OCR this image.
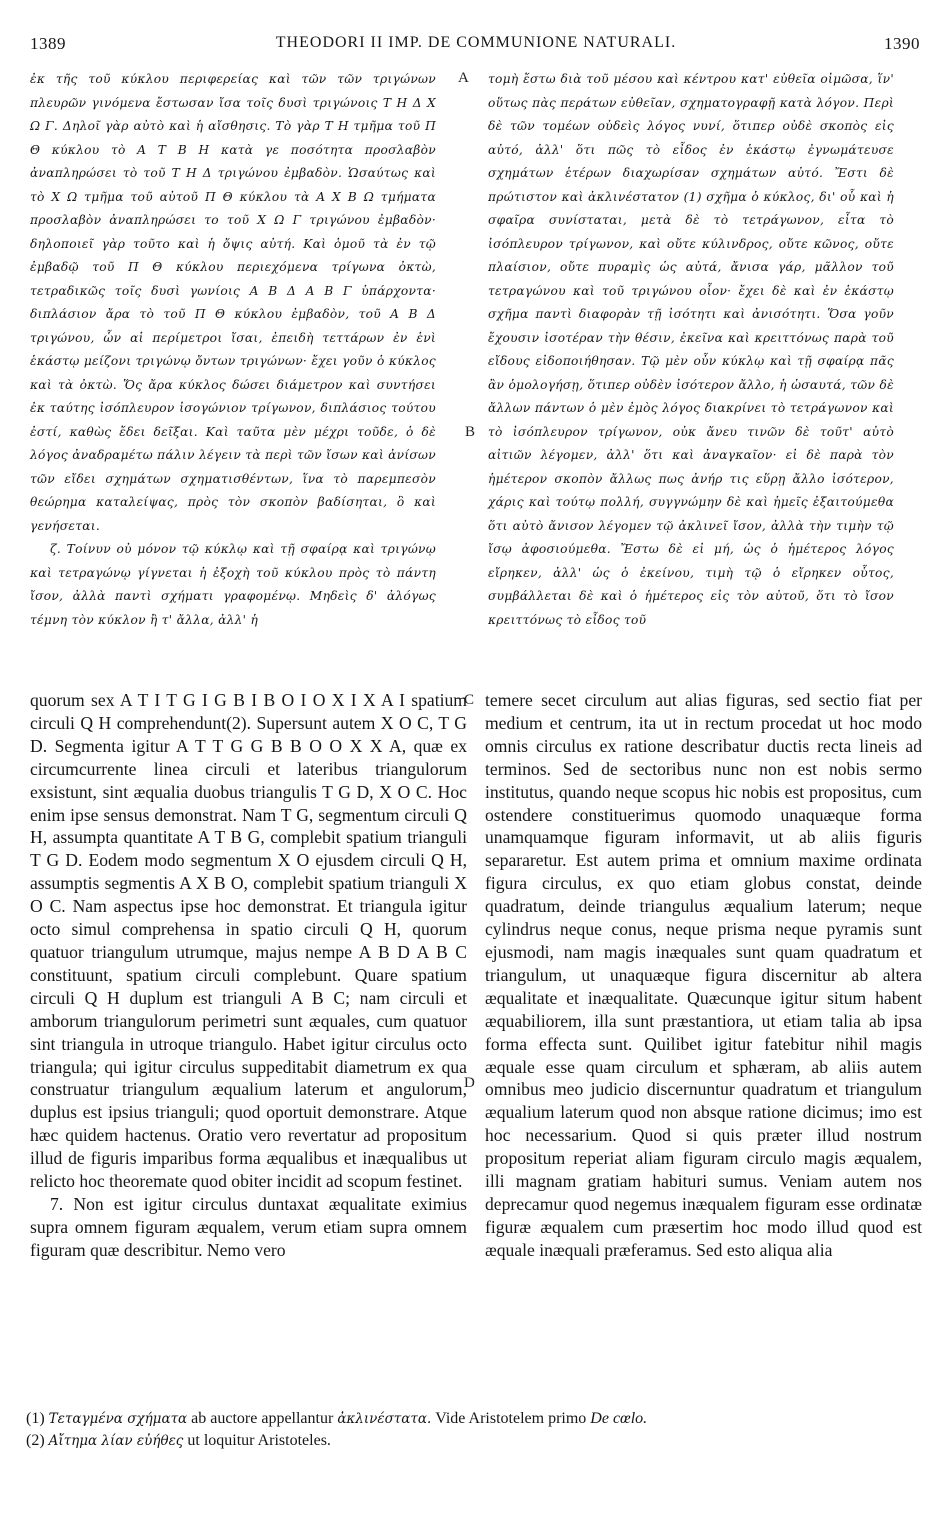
1389	THEODORI II IMP. DE COMMUNIONE NATURALI.	1390

ἐκ τῆς τοῦ κύκλου περιφερείας καὶ τῶν τῶν τριγώνων πλευρῶν γινόμενα ἔστωσαν ἴσα τοῖς δυσὶ τριγώνοις Τ Η Δ Χ Ω Γ. Δηλοῖ γὰρ αὐτὸ καὶ ἡ αἴσθησις. Τὸ γὰρ Τ Η τμῆμα τοῦ Π Θ κύκλου τὸ Α Τ Β Η κατὰ γε ποσότητα προσλαβὸν ἀναπληρώσει τὸ τοῦ Τ Η Δ τριγώνου ἐμβαδὸν. Ὡσαύτως καὶ τὸ Χ Ω τμῆμα τοῦ αὐτοῦ Π Θ κύκλου τὰ Α Χ Β Ω τμήματα προσλαβὸν ἀναπληρώσει το τοῦ Χ Ω Γ τριγώνου ἐμβαδὸν· δηλοποιεῖ γὰρ τοῦτο καὶ ἡ ὄψις αὐτή. Καὶ ὁμοῦ τὰ ἐν τῷ ἐμβαδῷ τοῦ Π Θ κύκλου περιεχόμενα τρίγωνα ὀκτὼ, τετραδικῶς τοῖς δυσὶ γωνίοις Α Β Δ Α Β Γ ὑπάρχοντα· διπλάσιον ἄρα τὸ τοῦ Π Θ κύκλου ἐμβαδὸν, τοῦ Α Β Δ τριγώνου, ὧν αἱ περίμετροι ἴσαι, ἐπειδὴ τεττάρων ἐν ἑνὶ ἑκάστῳ μείζονι τριγώνῳ ὄντων τριγώνων· ἔχει γοῦν ὁ κύκλος καὶ τὰ ὀκτὼ. Ὅς ἄρα κύκλος δώσει διάμετρον καὶ συντήσει ἐκ ταύτης ἰσόπλευρον ἰσογώνιον τρίγωνον, διπλάσιος τούτου ἐστί, καθὼς ἔδει δεῖξαι. Καὶ ταῦτα μὲν μέχρι τοῦδε, ὁ δὲ λόγος ἀναδραμέτω πάλιν λέγειν τὰ περὶ τῶν ἴσων καὶ ἀνίσων τῶν εἴδει σχημάτων σχηματισθέντων, ἵνα τὸ παρεμπεσὸν θεώρημα καταλείψας, πρὸς τὸν σκοπὸν βαδίσηται, ὃ καὶ γενήσεται.

ζ. Τοίνυν οὐ μόνον τῷ κύκλῳ καὶ τῇ σφαίρᾳ καὶ τριγώνῳ καὶ τετραγώνῳ γίγνεται ἡ ἐξοχὴ τοῦ κύκλου πρὸς τὸ πάντη ἴσον, ἀλλὰ παντὶ σχήματι γραφομένῳ. Μηδεὶς δ' ἀλόγως τέμνη τὸν κύκλον ἢ τ' ἄλλα, ἀλλ' ἡ

τομὴ ἔστω διὰ τοῦ μέσου καὶ κέντρου κατ' εὐθεῖα οἰμῶσα, ἵν' οὕτως πὰς περάτων εὐθεῖαν, σχηματογραφῇ κατὰ λόγον. Περὶ δὲ τῶν τομέων οὐδεὶς λόγος νυνί, ὅτιπερ οὐδὲ σκοπὸς εἰς αὐτό, ἀλλ' ὅτι πῶς τὸ εἶδος ἐν ἑκάστῳ ἐγνωμάτευσε σχημάτων ἑτέρων διαχωρίσαν σχημάτων αὐτό. Ἔστι δὲ πρώτιστον καὶ ἀκλινέστατον (1) σχῆμα ὁ κύκλος, δι' οὗ καὶ ἡ σφαῖρα συνίσταται, μετὰ δὲ τὸ τετράγωνον, εἶτα τὸ ἰσόπλευρον τρίγωνον, καὶ οὔτε κύλινδρος, οὔτε κῶνος, οὔτε πλαίσιον, οὔτε πυραμὶς ὡς αὐτά, ἄνισα γάρ, μᾶλλον τοῦ τετραγώνου καὶ τοῦ τριγώνου οἷον· ἔχει δὲ καὶ ἐν ἑκάστῳ σχῆμα παντὶ διαφορὰν τῇ ἰσότητι καὶ ἀνισότητι. Ὅσα γοῦν ἔχουσιν ἰσοτέραν τὴν θέσιν, ἐκεῖνα καὶ κρειττόνως παρὰ τοῦ εἴδους εἰδοποιήθησαν. Τῷ μὲν οὖν κύκλῳ καὶ τῇ σφαίρᾳ πᾶς ἂν ὁμολογήσῃ, ὅτιπερ οὐδὲν ἰσότερον ἄλλο, ἡ ὡσαυτά, τῶν δὲ ἄλλων πάντων ὁ μὲν ἐμὸς λόγος διακρίνει τὸ τετράγωνον καὶ τὸ ἰσόπλευρον τρίγωνον, οὐκ ἄνευ τινῶν δὲ τοῦτ' αὐτὸ αἰτιῶν λέγομεν, ἀλλ' ὅτι καὶ ἀναγκαῖον· εἰ δὲ παρὰ τὸν ἡμέτερον σκοπὸν ἄλλως πως ἀνήρ τις εὕρῃ ἄλλο ἰσότερον, χάρις καὶ τούτῳ πολλή, συγγνώμην δὲ καὶ ἡμεῖς ἐξαιτούμεθα ὅτι αὐτὸ ἄνισον λέγομεν τῷ ἀκλινεῖ ἴσον, ἀλλὰ τὴν τιμὴν τῷ ἴσῳ ἀφοσιούμεθα. Ἔστω δὲ εἰ μή, ὡς ὁ ἡμέτερος λόγος εἴρηκεν, ἀλλ' ὡς ὁ ἐκείνου, τιμὴ τῷ ὁ εἴρηκεν οὗτος, συμβάλλεται δὲ καὶ ὁ ἡμέτερος εἰς τὸν αὐτοῦ, ὅτι τὸ ἴσον κρειττόνως τὸ εἶδος τοῦ

A
B
C
D

quorum sex A T I T G I G B I B O I O X I X A I spatium circuli Q H comprehendunt(2). Supersunt autem X O C, T G D. Segmenta igitur A T T G G B B O O X X A, quæ ex circumcurrente linea circuli et lateribus triangulorum exsistunt, sint æqualia duobus triangulis T G D, X O C. Hoc enim ipse sensus demonstrat. Nam T G, segmentum circuli Q H, assumpta quantitate A T B G, complebit spatium trianguli T G D. Eodem modo segmentum X O ejusdem circuli Q H, assumptis segmentis A X B O, complebit spatium trianguli X O C. Nam aspectus ipse hoc demonstrat. Et triangula igitur octo simul comprehensa in spatio circuli Q H, quorum quatuor triangulum utrumque, majus nempe A B D A B C constituunt, spatium circuli complebunt. Quare spatium circuli Q H duplum est trianguli A B C; nam circuli et amborum triangulorum perimetri sunt æquales, cum quatuor sint triangula in utroque triangulo. Habet igitur circulus octo triangula; qui igitur circulus suppeditabit diametrum ex qua construatur triangulum æqualium laterum et angulorum, duplus est ipsius trianguli; quod oportuit demonstrare. Atque hæc quidem hactenus. Oratio vero revertatur ad propositum illud de figuris imparibus forma æqualibus et inæqualibus ut relicto hoc theoremate quod obiter incidit ad scopum festinet.

7. Non est igitur circulus duntaxat æqualitate eximius supra omnem figuram æqualem, verum etiam supra omnem figuram quæ describitur. Nemo vero

temere secet circulum aut alias figuras, sed sectio fiat per medium et centrum, ita ut in rectum procedat ut hoc modo omnis circulus ex ratione describatur ductis recta lineis ad terminos. Sed de sectoribus nunc non est nobis sermo institutus, quando neque scopus hic nobis est propositus, cum ostendere constituerimus quomodo unaquæque forma unamquamque figuram informavit, ut ab aliis figuris separaretur. Est autem prima et omnium maxime ordinata figura circulus, ex quo etiam globus constat, deinde quadratum, deinde triangulus æqualium laterum; neque cylindrus neque conus, neque prisma neque pyramis sunt ejusmodi, nam magis inæquales sunt quam quadratum et triangulum, ut unaquæque figura discernitur ab altera æqualitate et inæqualitate. Quæcunque igitur situm habent æquabiliorem, illa sunt præstantiora, ut etiam talia ab ipsa forma effecta sunt. Quilibet igitur fatebitur nihil magis æquale esse quam circulum et sphæram, ab aliis autem omnibus meo judicio discernuntur quadratum et triangulum æqualium laterum quod non absque ratione dicimus; imo est hoc necessarium. Quod si quis præter illud nostrum propositum reperiat aliam figuram circulo magis æqualem, illi magnam gratiam habituri sumus. Veniam autem nos deprecamur quod negemus inæqualem figuram esse ordinatæ figuræ æqualem cum præsertim hoc modo illud quod est æquale inæquali præferamus. Sed esto aliqua alia

(1) Τεταγμένα σχήματα ab auctore appellantur ἀκλινέστατα. Vide Aristotelem primo De cœlo.
(2) Αἴτημα λίαν εὐήθες ut loquitur Aristoteles.
